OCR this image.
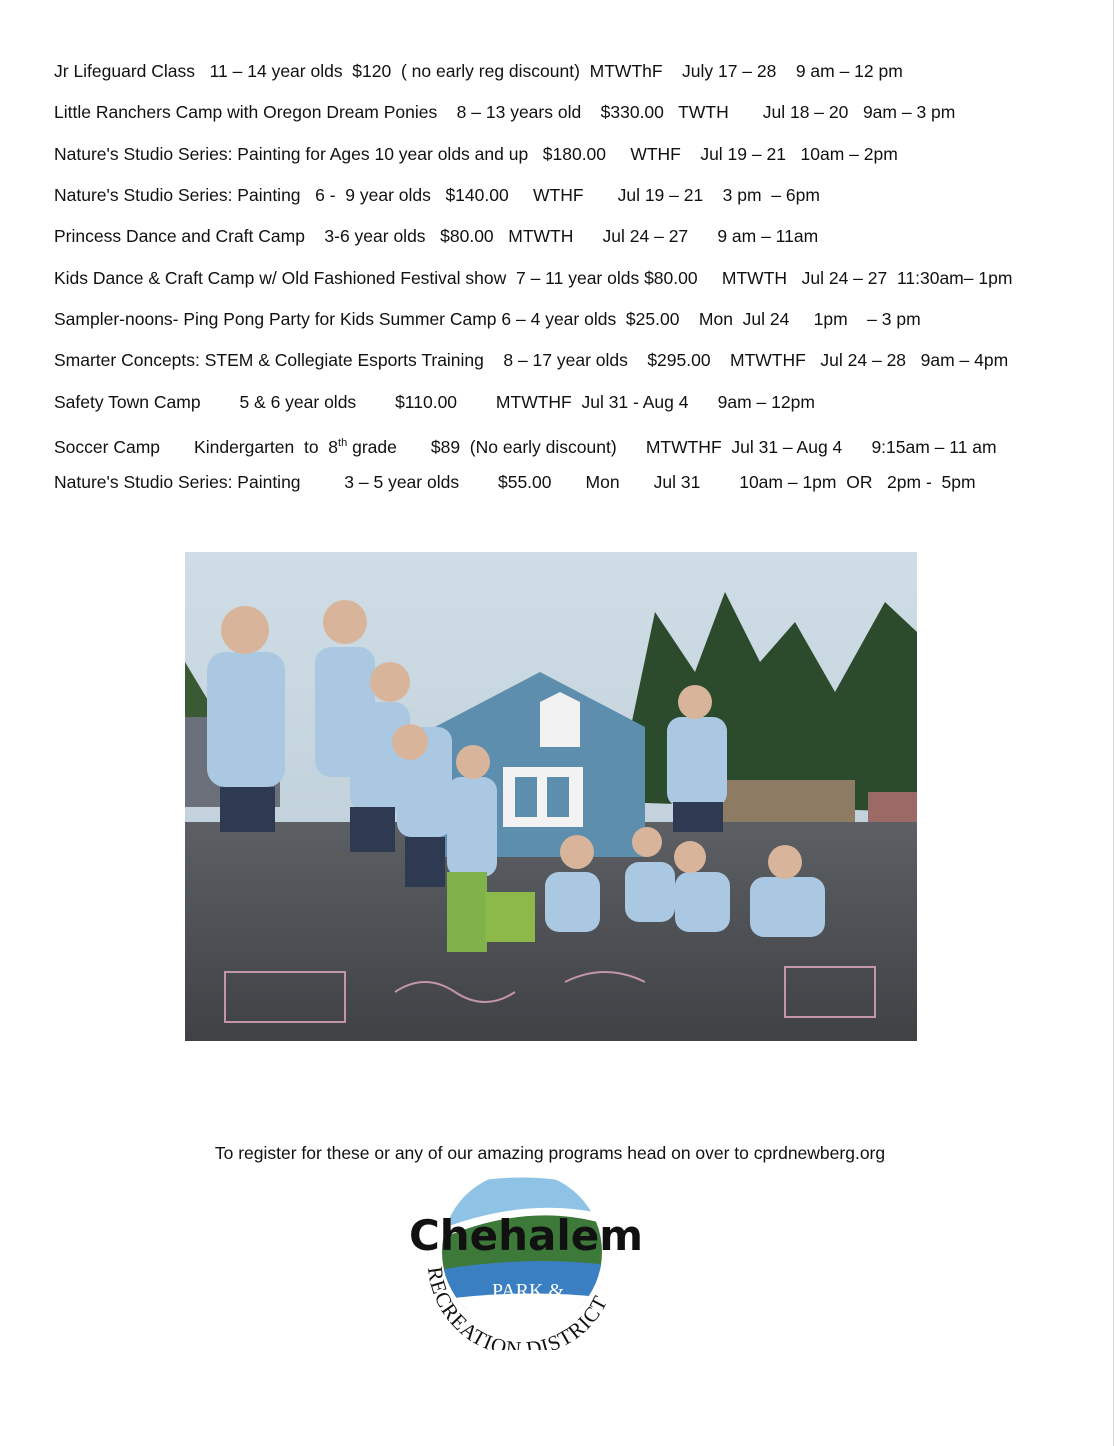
Jr Lifeguard Class   11 – 14 year olds  $120  ( no early reg discount)  MTWThF    July 17 – 28    9 am – 12 pm
Little Ranchers Camp with Oregon Dream Ponies    8 – 13 years old    $330.00   TWTH       Jul 18 – 20   9am – 3 pm
Nature's Studio Series: Painting for Ages 10 year olds and up   $180.00     WTHF    Jul 19 – 21   10am – 2pm
Nature's Studio Series: Painting   6 -  9 year olds   $140.00     WTHF       Jul 19 – 21    3 pm  – 6pm
Princess Dance and Craft Camp    3-6 year olds   $80.00   MTWTH      Jul 24 – 27      9 am – 11am
Kids Dance & Craft Camp w/ Old Fashioned Festival show  7 – 11 year olds $80.00     MTWTH   Jul 24 – 27  11:30am– 1pm
Sampler-noons- Ping Pong Party for Kids Summer Camp 6 – 4 year olds  $25.00    Mon  Jul 24     1pm    – 3 pm
Smarter Concepts: STEM & Collegiate Esports Training    8 – 17 year olds    $295.00    MTWTHF   Jul 24 – 28   9am – 4pm
Safety Town Camp        5 & 6 year olds        $110.00        MTWTHF  Jul 31 - Aug 4      9am – 12pm
Soccer Camp       Kindergarten  to  8th grade       $89  (No early discount)      MTWTHF  Jul 31 – Aug 4      9:15am – 11 am
Nature's Studio Series: Painting         3 – 5 year olds        $55.00       Mon       Jul 31        10am – 1pm  OR   2pm -  5pm
To register for these or any of our amazing programs head on over to cprdnewberg.org
Chehalem
PARK &
RECREATION DISTRICT
